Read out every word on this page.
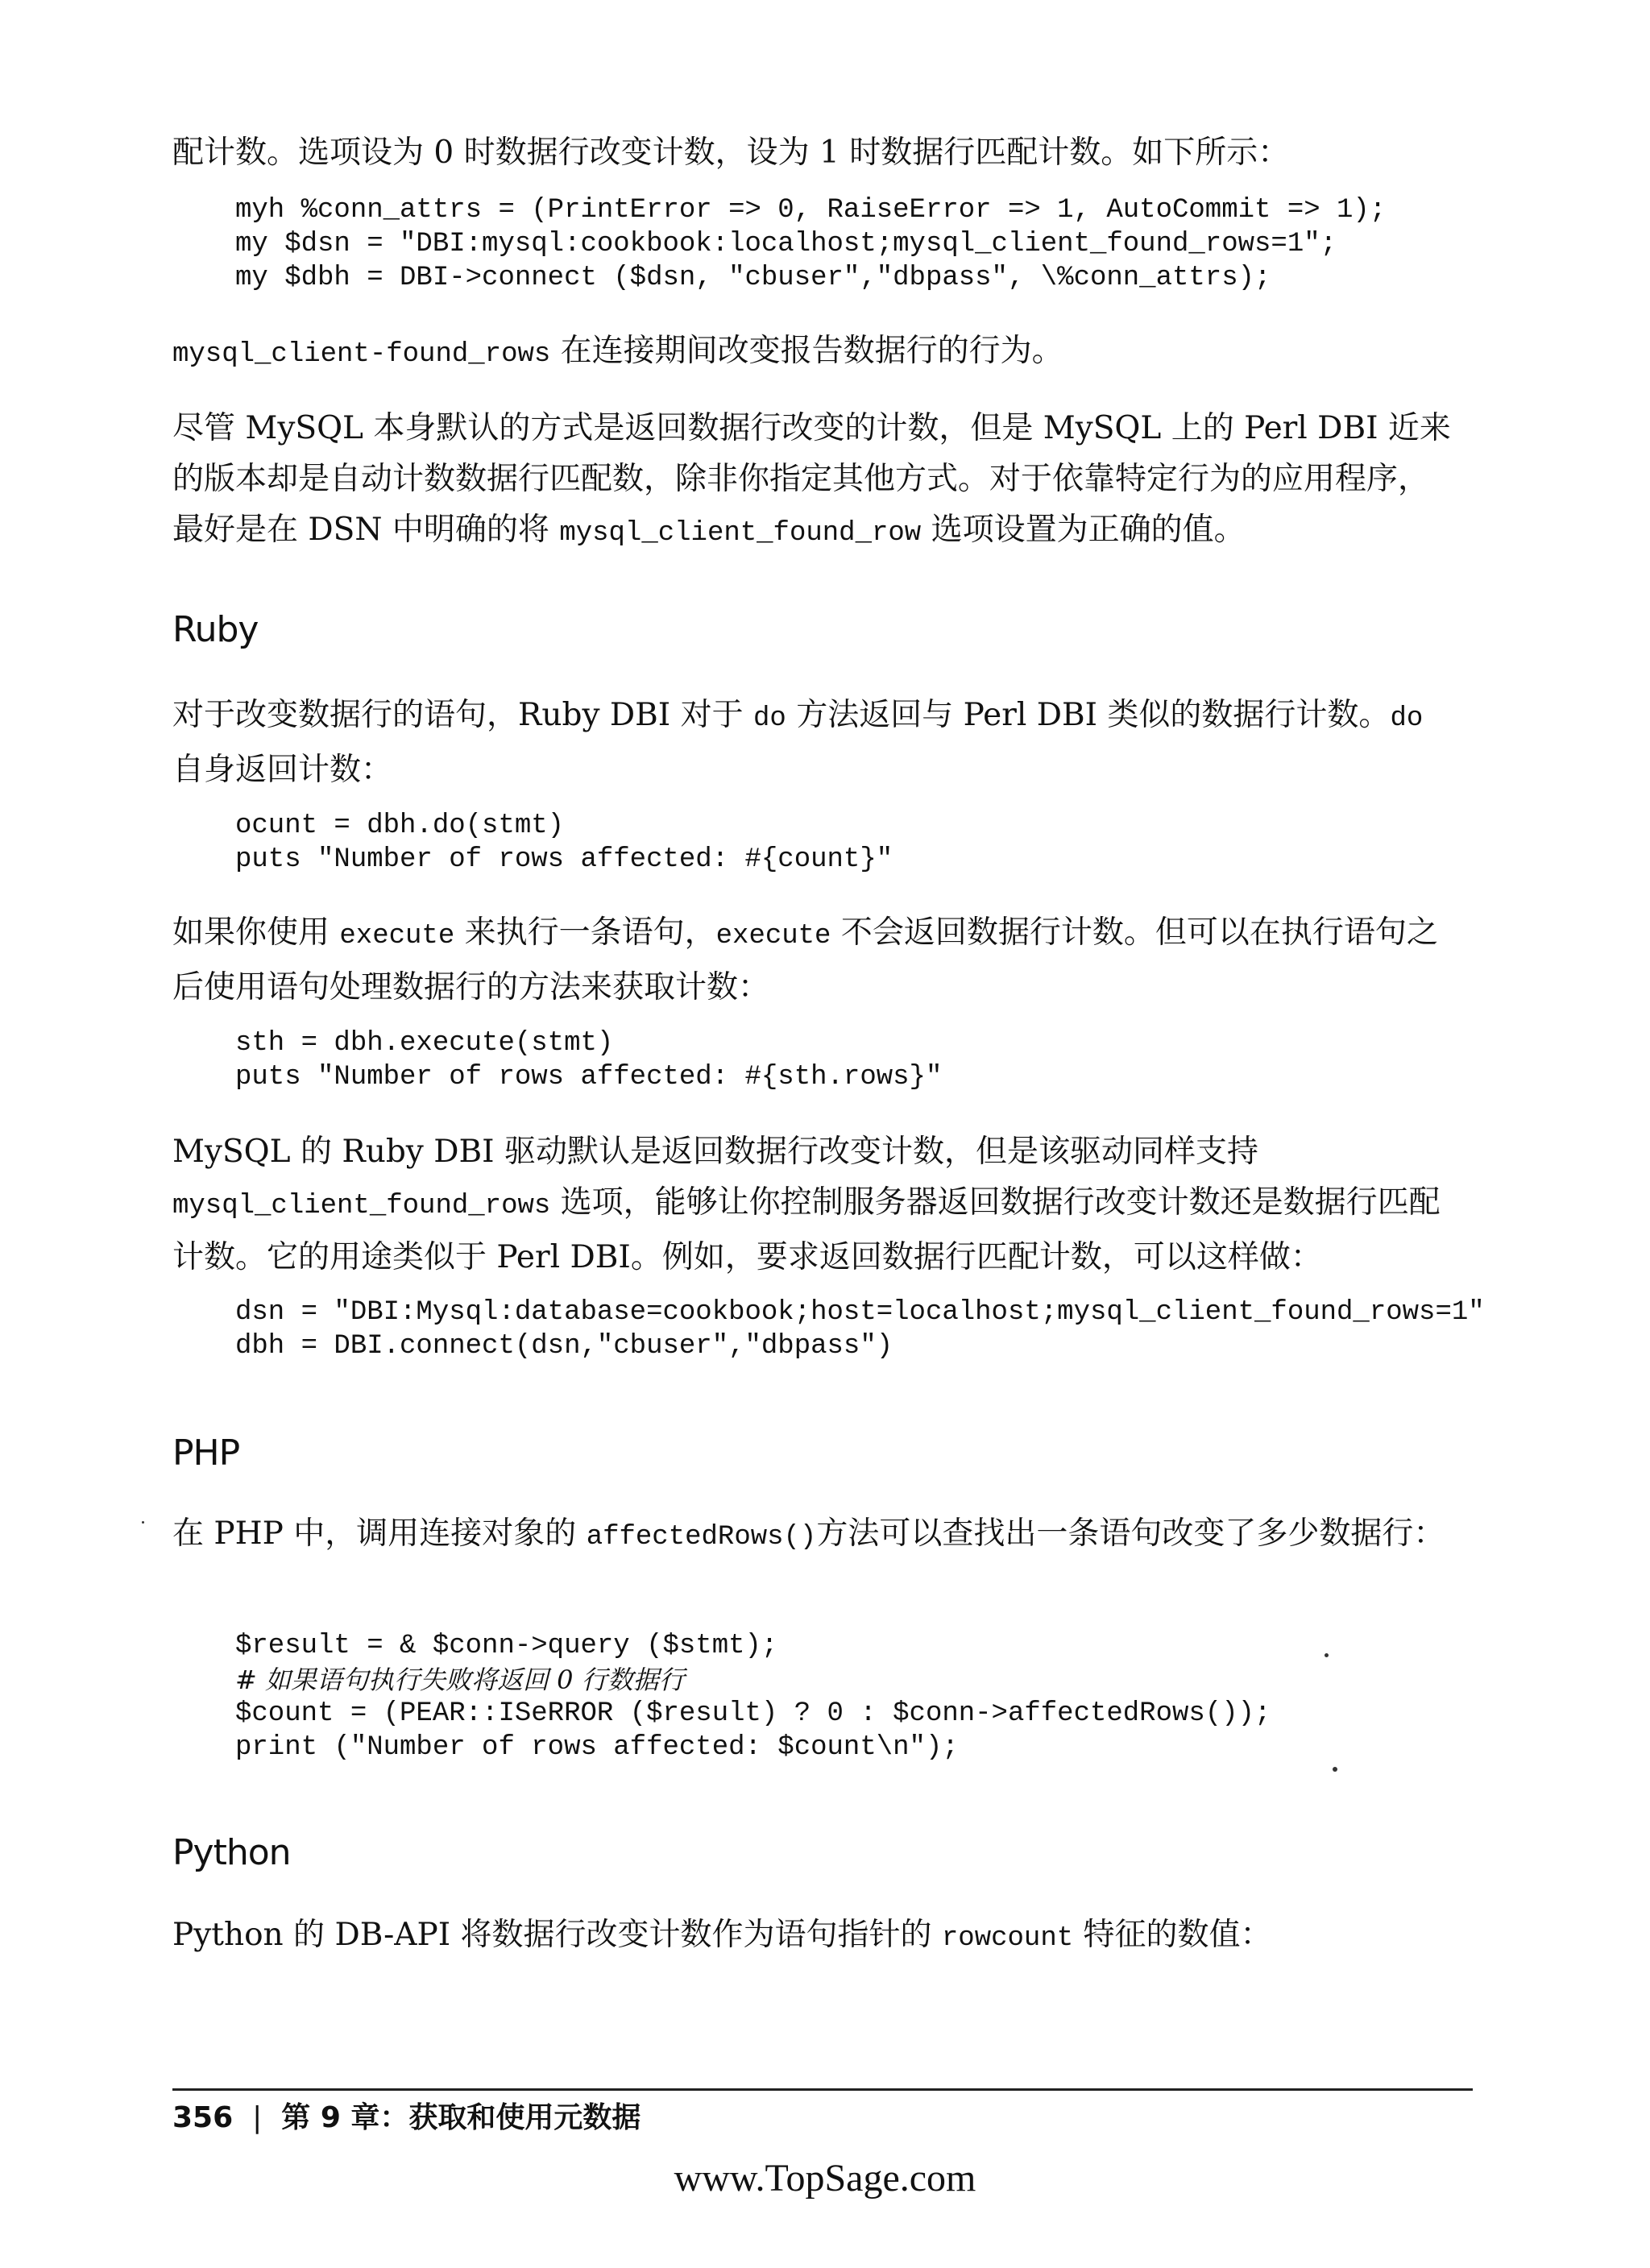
配计数。选项设为 0 时数据行改变计数，设为 1 时数据行匹配计数。如下所示：

myh %conn_attrs = (PrintError => 0, RaiseError => 1, AutoCommit => 1);
my $dsn = "DBI:mysql:cookbook:localhost;mysql_client_found_rows=1";
my $dbh = DBI->connect ($dsn, "cbuser","dbpass", \%conn_attrs);

mysql_client-found_rows 在连接期间改变报告数据行的行为。

尽管 MySQL 本身默认的方式是返回数据行改变的计数，但是 MySQL 上的 Perl DBI 近来的版本却是自动计数数据行匹配数，除非你指定其他方式。对于依靠特定行为的应用程序，最好是在 DSN 中明确的将 mysql_client_found_row 选项设置为正确的值。

Ruby

对于改变数据行的语句，Ruby DBI 对于 do 方法返回与 Perl DBI 类似的数据行计数。do 自身返回计数：

ocunt = dbh.do(stmt)
puts "Number of rows affected: #{count}"

如果你使用 execute 来执行一条语句，execute 不会返回数据行计数。但可以在执行语句之后使用语句处理数据行的方法来获取计数：

sth = dbh.execute(stmt)
puts "Number of rows affected: #{sth.rows}"

MySQL 的 Ruby DBI 驱动默认是返回数据行改变计数，但是该驱动同样支持 mysql_client_found_rows 选项，能够让你控制服务器返回数据行改变计数还是数据行匹配计数。它的用途类似于 Perl DBI。例如，要求返回数据行匹配计数，可以这样做：

dsn = "DBI:Mysql:database=cookbook;host=localhost;mysql_client_found_rows=1"
dbh = DBI.connect(dsn,"cbuser","dbpass")
PHP

在 PHP 中，调用连接对象的 affectedRows()方法可以查找出一条语句改变了多少数据行：

$result = & $conn->query ($stmt);
# 如果语句执行失败将返回 0 行数据行
$count = (PEAR::ISeRROR ($result) ? 0 : $conn->affectedRows());
print ("Number of rows affected: $count\n");
Python

Python 的 DB-API 将数据行改变计数作为语句指针的 rowcount 特征的数值：

356 | 第 9 章：获取和使用元数据
www.TopSage.com
